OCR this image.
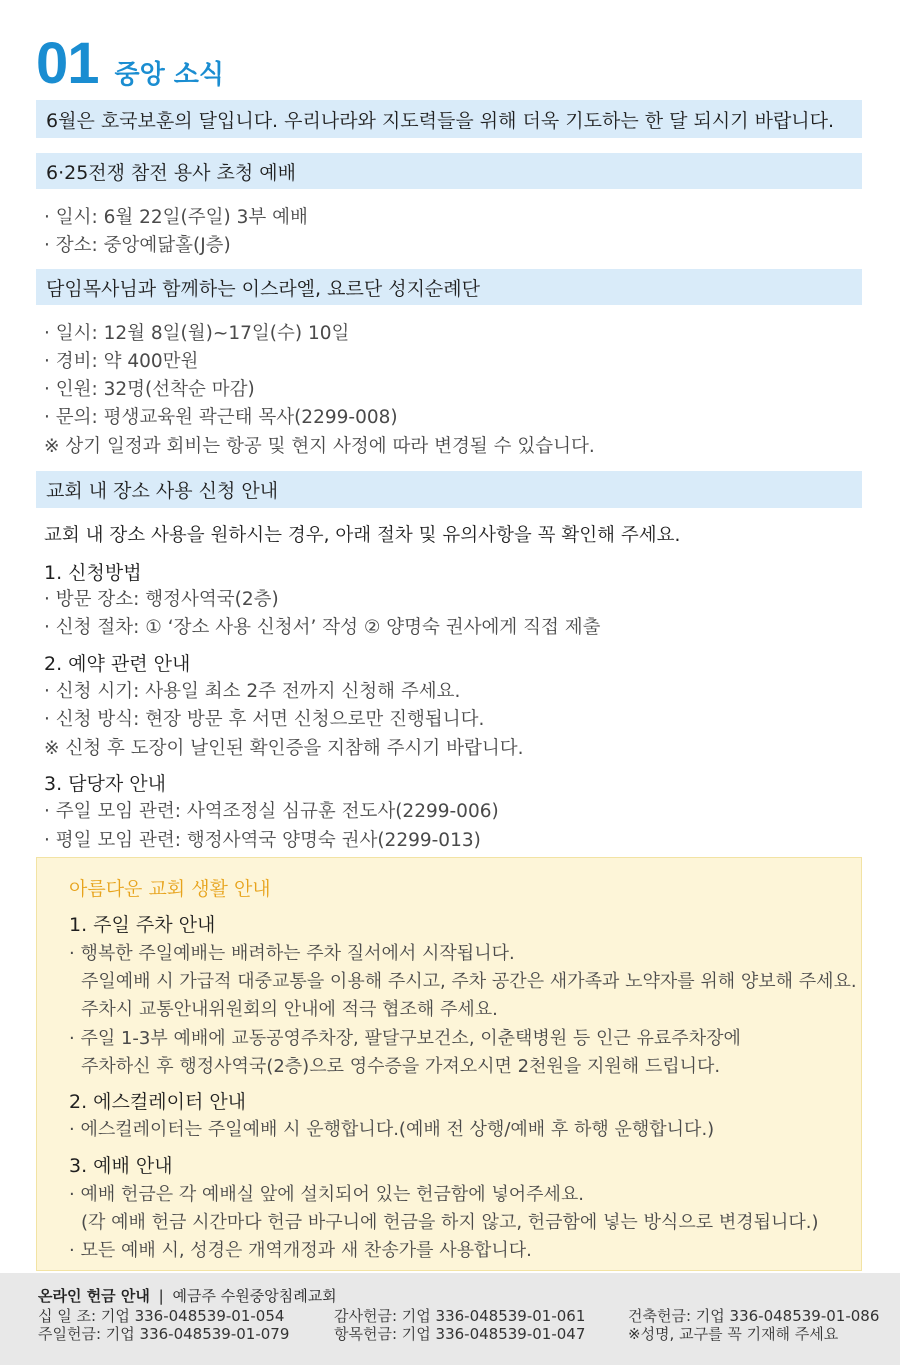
01 중앙 소식
6월은 호국보훈의 달입니다. 우리나라와 지도력들을 위해 더욱 기도하는 한 달 되시기 바랍니다.
6·25전쟁 참전 용사 초청 예배
· 일시: 6월 22일(주일) 3부 예배
· 장소: 중앙예닮홀(J층)
담임목사님과 함께하는 이스라엘, 요르단 성지순례단
· 일시: 12월 8일(월)~17일(수) 10일
· 경비: 약 400만원
· 인원: 32명(선착순 마감)
· 문의: 평생교육원 곽근태 목사(2299-008)
※ 상기 일정과 회비는 항공 및 현지 사정에 따라 변경될 수 있습니다.
교회 내 장소 사용 신청 안내
교회 내 장소 사용을 원하시는 경우, 아래 절차 및 유의사항을 꼭 확인해 주세요.
1. 신청방법
· 방문 장소: 행정사역국(2층)
· 신청 절차: ① ‘장소 사용 신청서’ 작성 ② 양명숙 권사에게 직접 제출
2. 예약 관련 안내
· 신청 시기: 사용일 최소 2주 전까지 신청해 주세요.
· 신청 방식: 현장 방문 후 서면 신청으로만 진행됩니다.
※ 신청 후 도장이 날인된 확인증을 지참해 주시기 바랍니다.
3. 담당자 안내
· 주일 모임 관련: 사역조정실 심규훈 전도사(2299-006)
· 평일 모임 관련: 행정사역국 양명숙 권사(2299-013)
아름다운 교회 생활 안내
1. 주일 주차 안내
· 행복한 주일예배는 배려하는 주차 질서에서 시작됩니다.
주일예배 시 가급적 대중교통을 이용해 주시고, 주차 공간은 새가족과 노약자를 위해 양보해 주세요.
주차시 교통안내위원회의 안내에 적극 협조해 주세요.
· 주일 1-3부 예배에 교동공영주차장, 팔달구보건소, 이춘택병원 등 인근 유료주차장에
주차하신 후 행정사역국(2층)으로 영수증을 가져오시면 2천원을 지원해 드립니다.
2. 에스컬레이터 안내
· 에스컬레이터는 주일예배 시 운행합니다.(예배 전 상행/예배 후 하행 운행합니다.)
3. 예배 안내
· 예배 헌금은 각 예배실 앞에 설치되어 있는 헌금함에 넣어주세요.
(각 예배 헌금 시간마다 헌금 바구니에 헌금을 하지 않고, 헌금함에 넣는 방식으로 변경됩니다.)
· 모든 예배 시, 성경은 개역개정과 새 찬송가를 사용합니다.
온라인 헌금 안내 | 예금주 수원중앙침례교회
십 일 조: 기업 336-048539-01-054	감사헌금: 기업 336-048539-01-061	건축헌금: 기업 336-048539-01-086
주일헌금: 기업 336-048539-01-079	항목헌금: 기업 336-048539-01-047	※성명, 교구를 꼭 기재해 주세요
